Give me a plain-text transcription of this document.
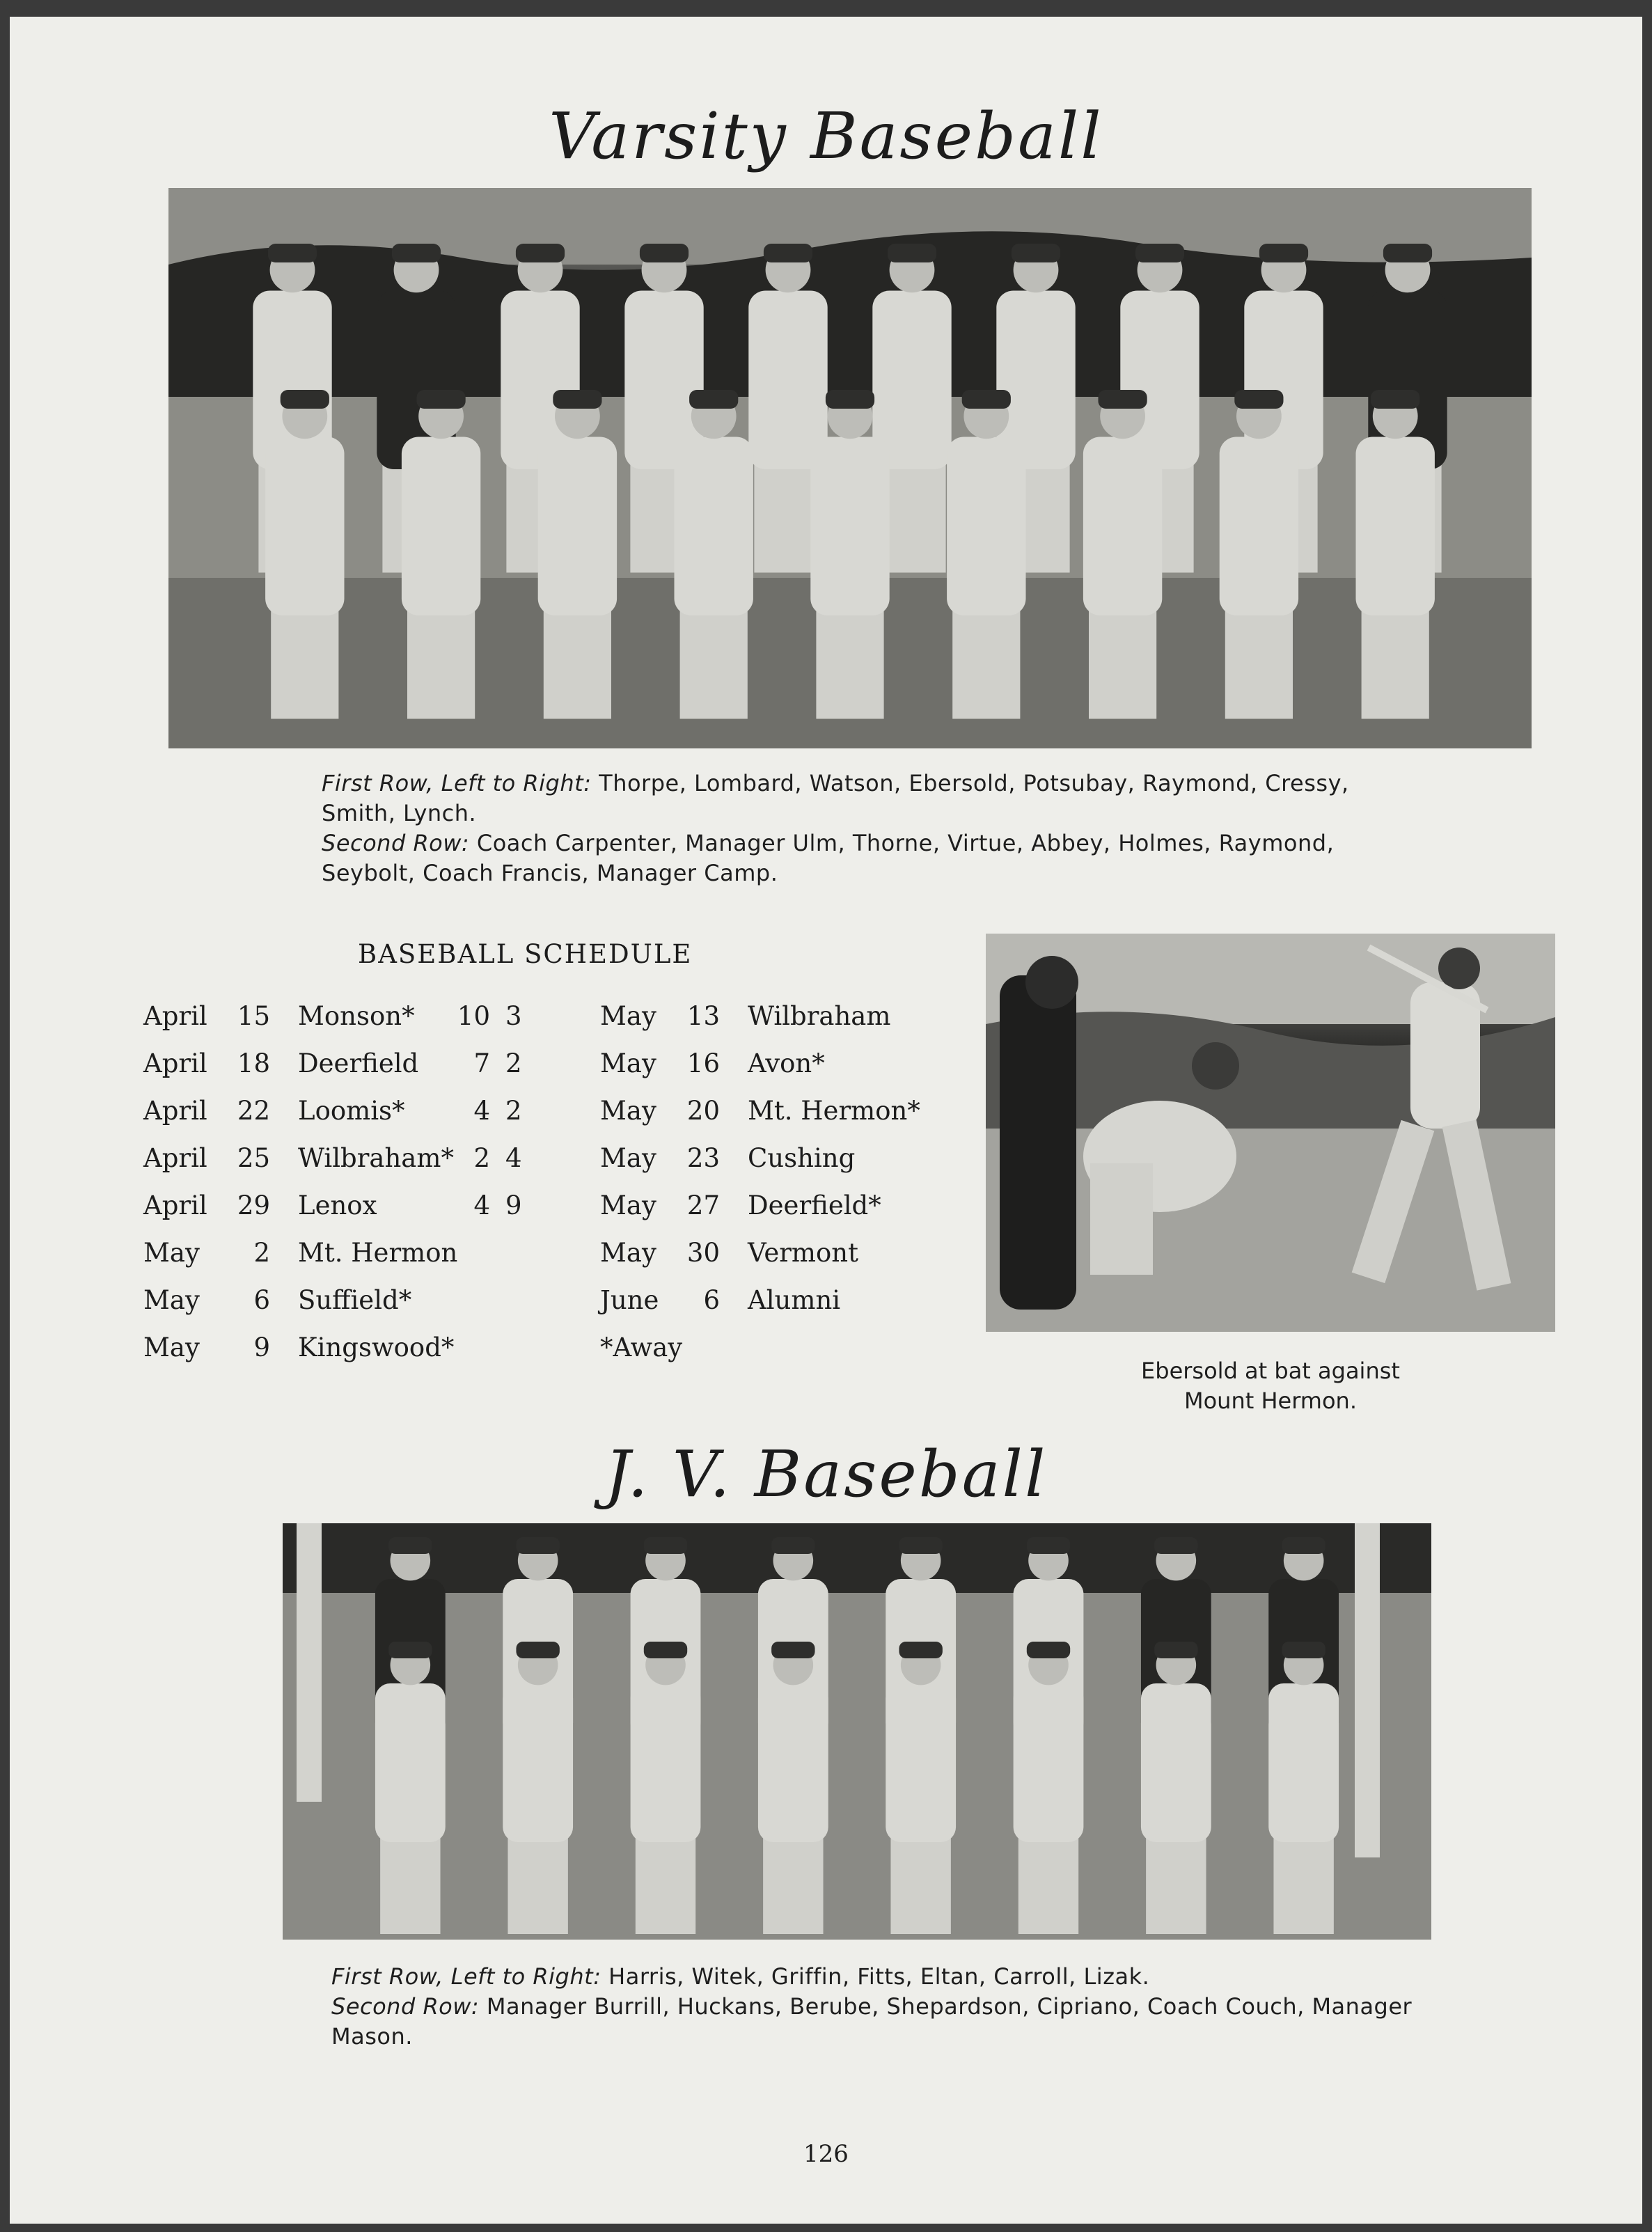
Varsity Baseball
First Row, Left to Right: Thorpe, Lombard, Watson, Ebersold, Potsubay, Raymond, Cressy, Smith, Lynch.
Second Row: Coach Carpenter, Manager Ulm, Thorne, Virtue, Abbey, Holmes, Raymond, Seybolt, Coach Francis, Manager Camp.
BASEBALL SCHEDULE
April	15 Monson* 10 3
April	18 Deerfield	7 2
April	22 Loomis*	4 2
April	25 Wilbraham* 2 4
April	29 Lenox	4 9
May	2 Mt. Hermon
May	6 Suffield*
May	9 Kingswood*
May	13 Wilbraham
May	16 Avon*
May	20 Mt. Hermon*
May	23 Cushing
May	27 Deerfield*
May	30 Vermont
June	6 Alumni
*Away
Ebersold at bat against
Mount Hermon.
J. V. Baseball
First Row, Left to Right: Harris, Witek, Griffin, Fitts, Eltan, Carroll, Lizak.
Second Row: Manager Burrill, Huckans, Berube, Shepardson, Cipriano, Coach Couch, Manager Mason.
126
